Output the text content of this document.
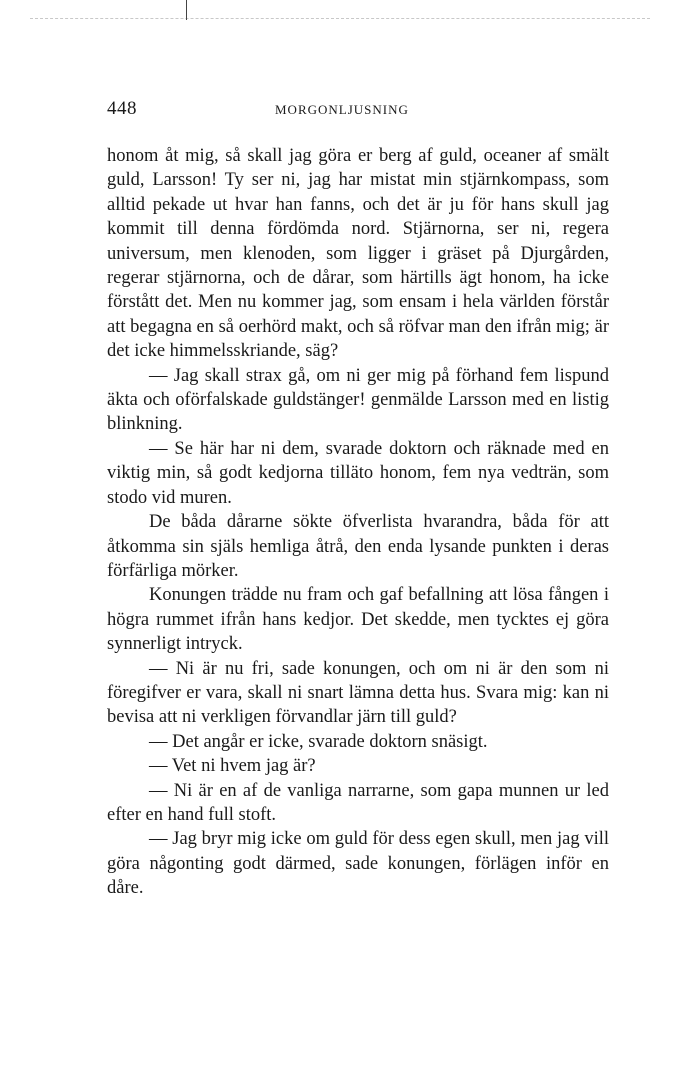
448	MORGONLJUSNING

honom åt mig, så skall jag göra er berg af guld, oceaner af smält guld, Larsson! Ty ser ni, jag har mistat min stjärnkompass, som alltid pekade ut hvar han fanns, och det är ju för hans skull jag kommit till denna fördömda nord. Stjärnorna, ser ni, regera universum, men klenoden, som ligger i gräset på Djurgården, regerar stjärnorna, och de dårar, som härtills ägt honom, ha icke förstått det. Men nu kommer jag, som ensam i hela världen förstår att begagna en så oerhörd makt, och så röfvar man den ifrån mig; är det icke himmelsskriande, säg?

— Jag skall strax gå, om ni ger mig på förhand fem lispund äkta och oförfalskade guldstänger! genmälde Larsson med en listig blinkning.

— Se här har ni dem, svarade doktorn och räknade med en viktig min, så godt kedjorna tilläto honom, fem nya vedträn, som stodo vid muren.

De båda dårarne sökte öfverlista hvarandra, båda för att åtkomma sin själs hemliga åtrå, den enda lysande punkten i deras förfärliga mörker.

Konungen trädde nu fram och gaf befallning att lösa fången i högra rummet ifrån hans kedjor. Det skedde, men tycktes ej göra synnerligt intryck.

— Ni är nu fri, sade konungen, och om ni är den som ni föregifver er vara, skall ni snart lämna detta hus. Svara mig: kan ni bevisa att ni verkligen förvandlar järn till guld?

— Det angår er icke, svarade doktorn snäsigt.

— Vet ni hvem jag är?

— Ni är en af de vanliga narrarne, som gapa munnen ur led efter en hand full stoft.

— Jag bryr mig icke om guld för dess egen skull, men jag vill göra någonting godt därmed, sade konungen, förlägen inför en dåre.
